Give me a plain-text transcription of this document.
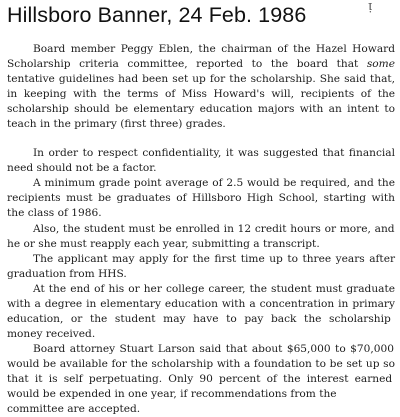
Hillsboro Banner, 24 Feb. 1986	ᴉ
Board member Peggy Eblen, the chairman of the Hazel Howard
Scholarship criteria committee, reported to the board that some
tentative guidelines had been set up for the scholarship. She said that,
in keeping with the terms of Miss Howard's will, recipients of the
scholarship should be elementary education majors with an intent to
teach in the primary (first three) grades.
In order to respect confidentiality, it was suggested that financial
need should not be a factor.
A minimum grade point average of 2.5 would be required, and the
recipients must be graduates of Hillsboro High School, starting with
the class of 1986.
Also, the student must be enrolled in 12 credit hours or more, and
he or she must reapply each year, submitting a transcript.
The applicant may apply for the first time up to three years after
graduation from HHS.
At the end of his or her college career, the student must graduate
with a degree in elementary education with a concentration in primary
education, or the student may have to pay back the scholarship
money received.
Board attorney Stuart Larson said that about $65,000 to $70,000
would be available for the scholarship with a foundation to be set up so
that it is self perpetuating. Only 90 percent of the interest earned
would be expended in one year, if recommendations from the
committee are accepted.
